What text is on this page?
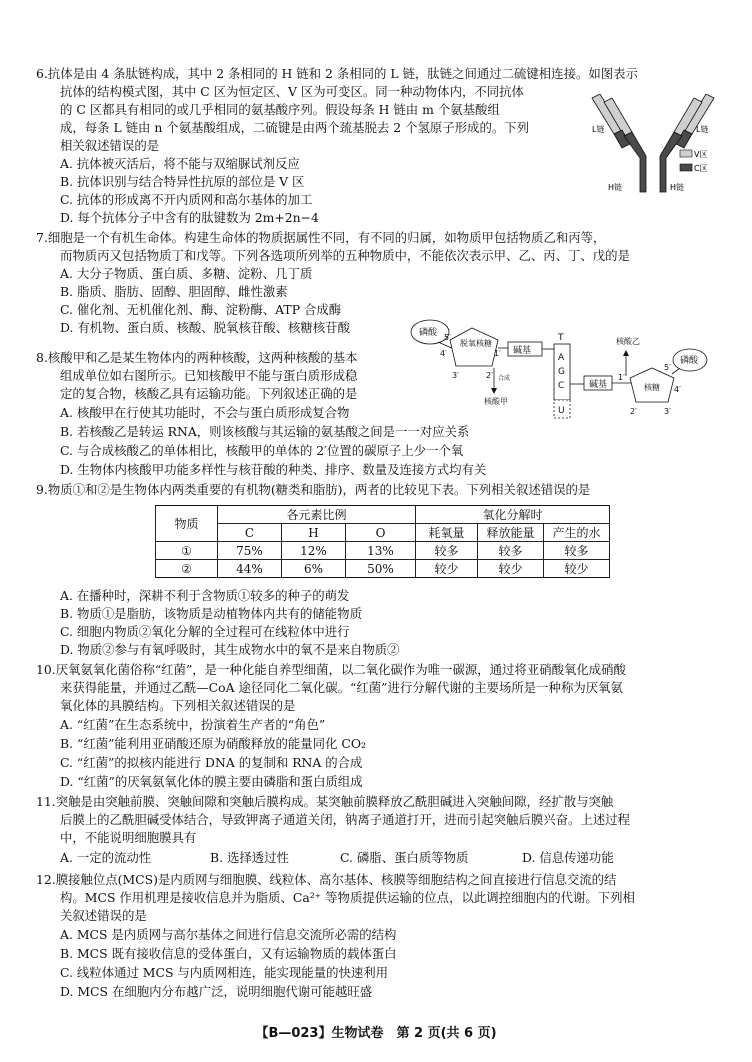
6.抗体是由 4 条肽链构成，其中 2 条相同的 H 链和 2 条相同的 L 链，肽链之间通过二硫键相连接。如图表示
抗体的结构模式图，其中 C 区为恒定区、V 区为可变区。同一种动物体内，不同抗体
的 C 区都具有相同的或几乎相同的氨基酸序列。假设每条 H 链由 m 个氨基酸组
成，每条 L 链由 n 个氨基酸组成，二硫键是由两个巯基脱去 2 个氢原子形成的。下列
相关叙述错误的是
A. 抗体被灭活后，将不能与双缩脲试剂反应
B. 抗体识别与结合特异性抗原的部位是 V 区
C. 抗体的形成离不开内质网和高尔基体的加工
D. 每个抗体分子中含有的肽键数为 2m+2n−4
L链	L链
H链	H链
V区
C区
7.细胞是一个有机生命体。构建生命体的物质据属性不同，有不同的归属，如物质甲包括物质乙和丙等，
而物质丙又包括物质丁和戊等。下列各选项所列举的五种物质中，不能依次表示甲、乙、丙、丁、戊的是
A. 大分子物质、蛋白质、多糖、淀粉、几丁质
B. 脂质、脂肪、固醇、胆固醇、雌性激素
C. 催化剂、无机催化剂、酶、淀粉酶、ATP 合成酶
D. 有机物、蛋白质、核酸、脱氧核苷酸、核糖核苷酸	磷酸 5′
4′
脱氧核糖
3′	2′
1′ 碱基
合成
核酸甲
T
A
G
C
U
碱基
1′
核糖
2′	3′
4′
5′
磷酸
核酸乙
8.核酸甲和乙是某生物体内的两种核酸，这两种核酸的基本
组成单位如右图所示。已知核酸甲不能与蛋白质形成稳
定的复合物，核酸乙具有运输功能。下列叙述正确的是
A. 核酸甲在行使其功能时，不会与蛋白质形成复合物
B. 若核酸乙是转运 RNA，则该核酸与其运输的氨基酸之间是一一对应关系
C. 与合成核酸乙的单体相比，核酸甲的单体的 2′位置的碳原子上少一个氧
D. 生物体内核酸甲功能多样性与核苷酸的种类、排序、数量及连接方式均有关
9.物质①和②是生物体内两类重要的有机物(糖类和脂肪)，两者的比较见下表。下列相关叙述错误的是
物质	各元素比例			氧化分解时		
	C	H	O	耗氧量	释放能量	产生的水
①	75%	12%	13%	较多	较多	较多
②	44%	6%	50%	较少	较少	较少
A. 在播种时，深耕不利于含物质①较多的种子的萌发
B. 物质①是脂肪，该物质是动植物体内共有的储能物质
C. 细胞内物质②氧化分解的全过程可在线粒体中进行
D. 物质②参与有氧呼吸时，其生成物水中的氧不是来自物质②
10.厌氧氨氧化菌俗称“红菌”，是一种化能自养型细菌，以二氧化碳作为唯一碳源，通过将亚硝酸氧化成硝酸
来获得能量，并通过乙酰—CoA 途径同化二氧化碳。“红菌”进行分解代谢的主要场所是一种称为厌氧氨
氧化体的具膜结构。下列相关叙述错误的是
A. “红菌”在生态系统中，扮演着生产者的“角色”
B. “红菌”能利用亚硝酸还原为硝酸释放的能量同化 CO₂
C. “红菌”的拟核内能进行 DNA 的复制和 RNA 的合成
D. “红菌”的厌氧氨氧化体的膜主要由磷脂和蛋白质组成
11.突触是由突触前膜、突触间隙和突触后膜构成。某突触前膜释放乙酰胆碱进入突触间隙，经扩散与突触
后膜上的乙酰胆碱受体结合，导致钾离子通道关闭，钠离子通道打开，进而引起突触后膜兴奋。上述过程
中，不能说明细胞膜具有
A. 一定的流动性	B. 选择透过性	C. 磷脂、蛋白质等物质	D. 信息传递功能
12.膜接触位点(MCS)是内质网与细胞膜、线粒体、高尔基体、核膜等细胞结构之间直接进行信息交流的结
构。MCS 作用机理是接收信息并为脂质、Ca²⁺ 等物质提供运输的位点，以此调控细胞内的代谢。下列相
关叙述错误的是
A. MCS 是内质网与高尔基体之间进行信息交流所必需的结构
B. MCS 既有接收信息的受体蛋白，又有运输物质的载体蛋白
C. 线粒体通过 MCS 与内质网相连，能实现能量的快速利用
D. MCS 在细胞内分布越广泛，说明细胞代谢可能越旺盛
【B—023】生物试卷　第 2 页(共 6 页)
